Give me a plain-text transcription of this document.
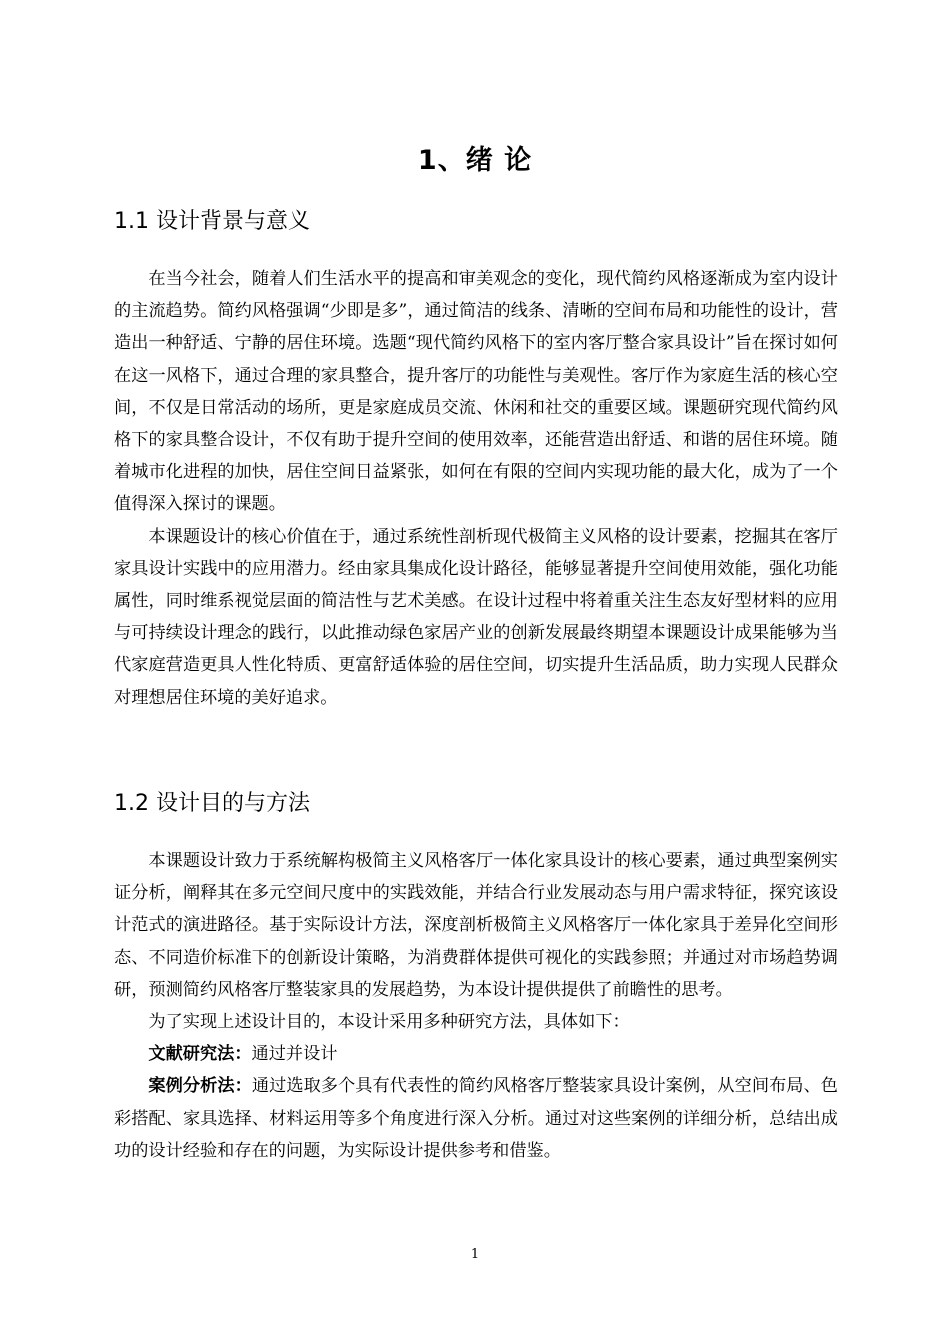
1、绪 论
1.1 设计背景与意义

在当今社会，随着人们生活水平的提高和审美观念的变化，现代简约风格逐渐成为室内设计的主流趋势。简约风格强调“少即是多”，通过简洁的线条、清晰的空间布局和功能性的设计，营造出一种舒适、宁静的居住环境。选题“现代简约风格下的室内客厅整合家具设计”旨在探讨如何在这一风格下，通过合理的家具整合，提升客厅的功能性与美观性。客厅作为家庭生活的核心空间，不仅是日常活动的场所，更是家庭成员交流、休闲和社交的重要区域。课题研究现代简约风格下的家具整合设计，不仅有助于提升空间的使用效率，还能营造出舒适、和谐的居住环境。随着城市化进程的加快，居住空间日益紧张，如何在有限的空间内实现功能的最大化，成为了一个值得深入探讨的课题。

本课题设计的核心价值在于，通过系统性剖析现代极简主义风格的设计要素，挖掘其在客厅家具设计实践中的应用潜力。经由家具集成化设计路径，能够显著提升空间使用效能，强化功能属性，同时维系视觉层面的简洁性与艺术美感。在设计过程中将着重关注生态友好型材料的应用与可持续设计理念的践行，以此推动绿色家居产业的创新发展最终期望本课题设计成果能够为当代家庭营造更具人性化特质、更富舒适体验的居住空间，切实提升生活品质，助力实现人民群众对理想居住环境的美好追求。

1.2 设计目的与方法

本课题设计致力于系统解构极简主义风格客厅一体化家具设计的核心要素，通过典型案例实证分析，阐释其在多元空间尺度中的实践效能，并结合行业发展动态与用户需求特征，探究该设计范式的演进路径。基于实际设计方法，深度剖析极简主义风格客厅一体化家具于差异化空间形态、不同造价标准下的创新设计策略，为消费群体提供可视化的实践参照；并通过对市场趋势调研，预测简约风格客厅整装家具的发展趋势，为本设计提供提供了前瞻性的思考。

为了实现上述设计目的，本设计采用多种研究方法，具体如下：

文献研究法：通过并设计

案例分析法：通过选取多个具有代表性的简约风格客厅整装家具设计案例，从空间布局、色彩搭配、家具选择、材料运用等多个角度进行深入分析。通过对这些案例的详细分析，总结出成功的设计经验和存在的问题，为实际设计提供参考和借鉴。

1
